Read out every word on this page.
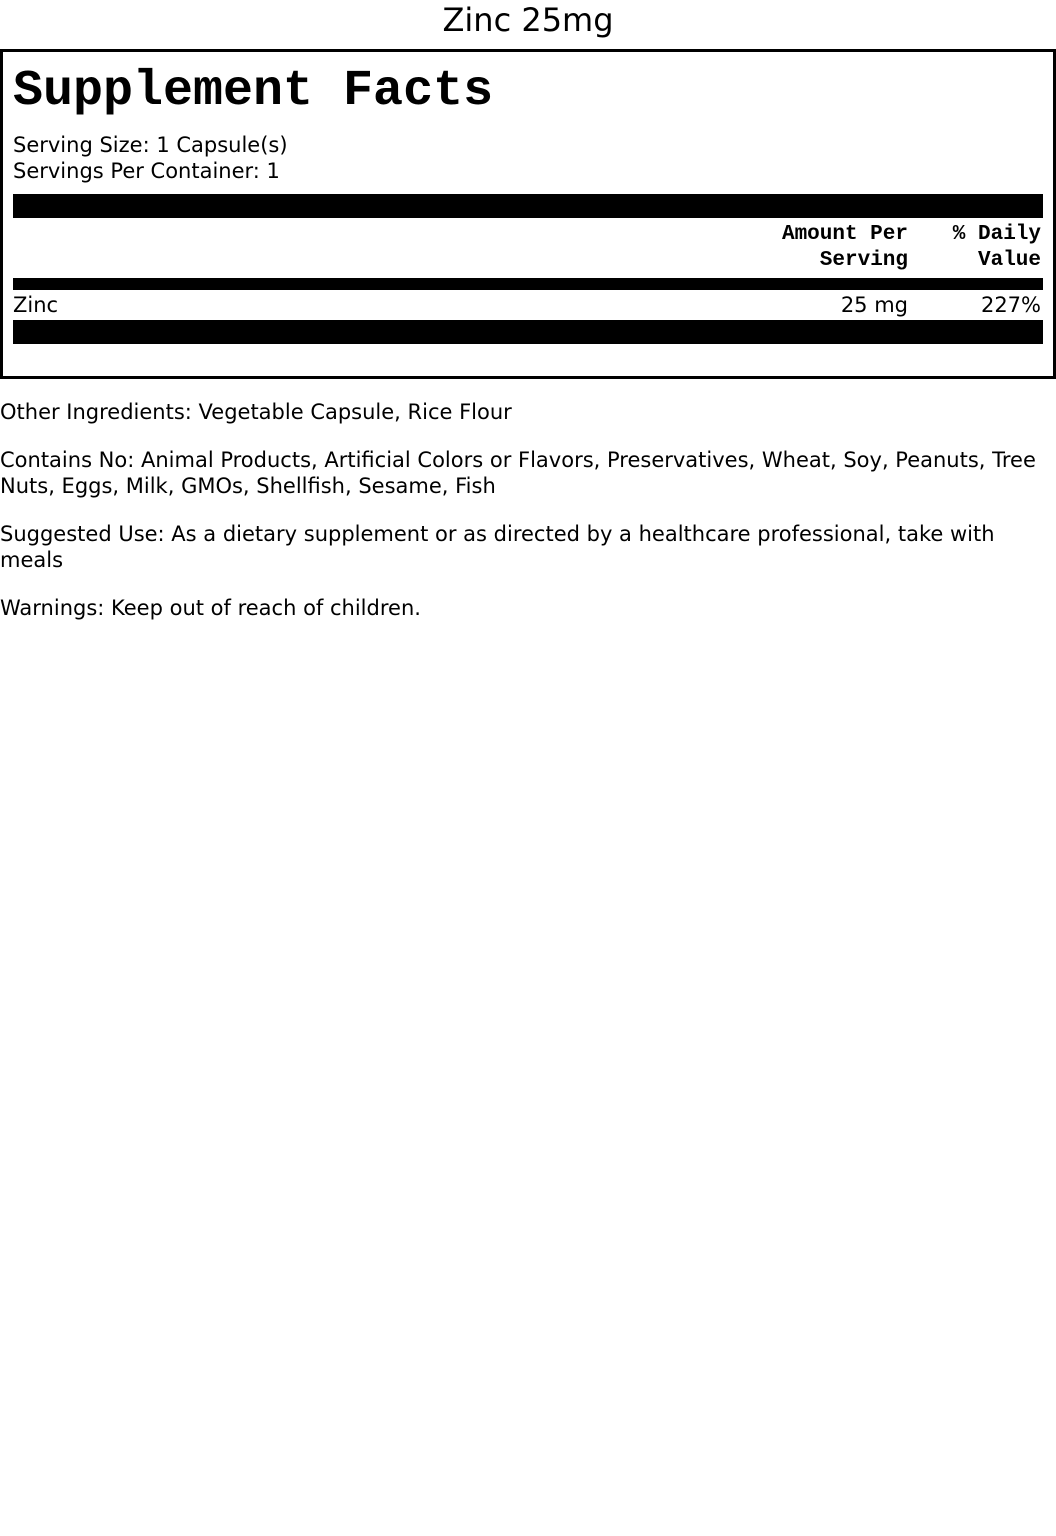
Zinc 25mg
Supplement Facts
Serving Size: 1 Capsule(s)
Servings Per Container: 1
Amount Per
Serving
% Daily
Value
Zinc	25 mg	227%

Other Ingredients: Vegetable Capsule, Rice Flour

Contains No: Animal Products, Artificial Colors or Flavors, Preservatives, Wheat, Soy, Peanuts, Tree Nuts, Eggs, Milk, GMOs, Shellfish, Sesame, Fish

Suggested Use: As a dietary supplement or as directed by a healthcare professional, take with meals

Warnings: Keep out of reach of children.
